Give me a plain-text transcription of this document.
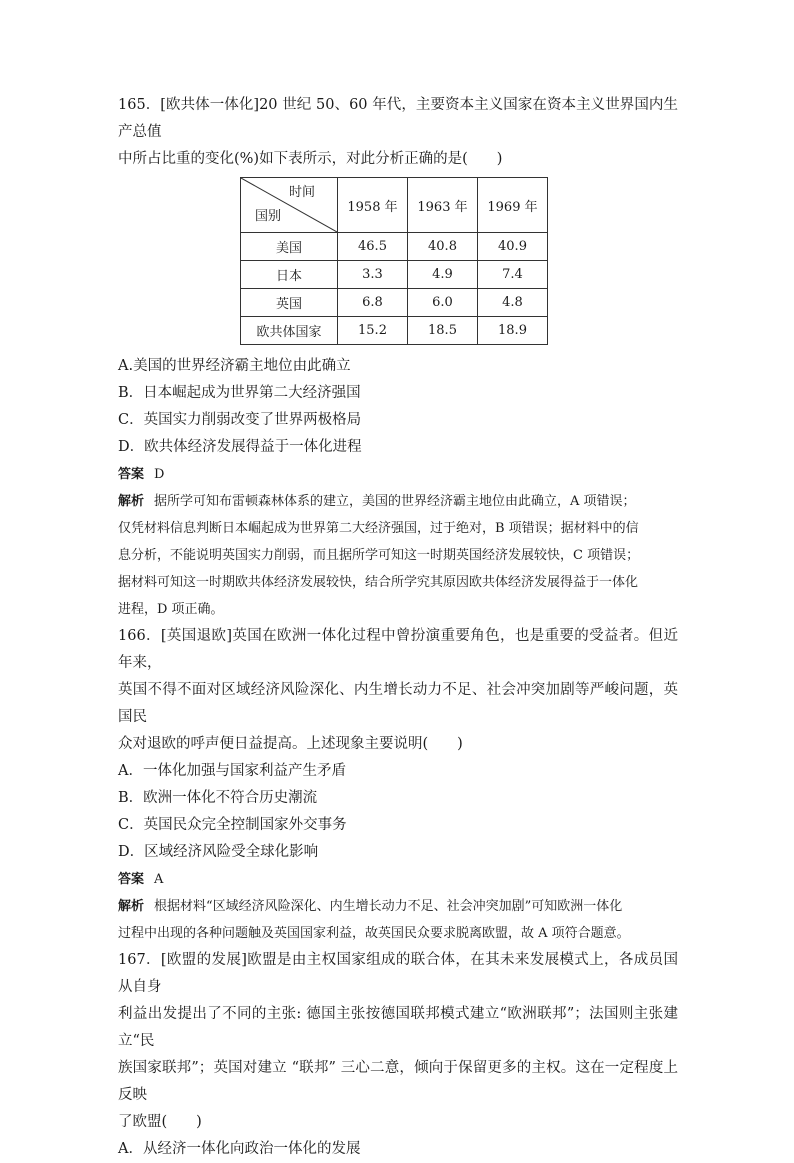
165．[欧共体一体化]20 世纪 50、60 年代，主要资本主义国家在资本主义世界国内生产总值

中所占比重的变化(%)如下表所示，对此分析正确的是(　　)

时间
国别	1958 年	1963 年	1969 年
美国	46.5	40.8	40.9
日本	3.3	4.9	7.4
英国	6.8	6.0	4.8
欧共体国家	15.2	18.5	18.9

A.美国的世界经济霸主地位由此确立

B．日本崛起成为世界第二大经济强国

C．英国实力削弱改变了世界两极格局

D．欧共体经济发展得益于一体化进程

答案 D

解析 据所学可知布雷顿森林体系的建立，美国的世界经济霸主地位由此确立，A 项错误；

仅凭材料信息判断日本崛起成为世界第二大经济强国，过于绝对，B 项错误；据材料中的信

息分析，不能说明英国实力削弱，而且据所学可知这一时期英国经济发展较快，C 项错误；

据材料可知这一时期欧共体经济发展较快，结合所学究其原因欧共体经济发展得益于一体化

进程，D 项正确。

166．[英国退欧]英国在欧洲一体化过程中曾扮演重要角色，也是重要的受益者。但近年来，

英国不得不面对区域经济风险深化、内生增长动力不足、社会冲突加剧等严峻问题，英国民

众对退欧的呼声便日益提高。上述现象主要说明(　　)

A．一体化加强与国家利益产生矛盾

B．欧洲一体化不符合历史潮流

C．英国民众完全控制国家外交事务

D．区域经济风险受全球化影响

答案 A

解析 根据材料“区域经济风险深化、内生增长动力不足、社会冲突加剧”可知欧洲一体化

过程中出现的各种问题触及英国国家利益，故英国民众要求脱离欧盟，故 A 项符合题意。

167．[欧盟的发展]欧盟是由主权国家组成的联合体，在其未来发展模式上，各成员国从自身

利益出发提出了不同的主张: 德国主张按德国联邦模式建立“欧洲联邦”；法国则主张建立“民

族国家联邦”；英国对建立 “联邦” 三心二意，倾向于保留更多的主权。这在一定程度上反映

了欧盟(　　)

A．从经济一体化向政治一体化的发展
